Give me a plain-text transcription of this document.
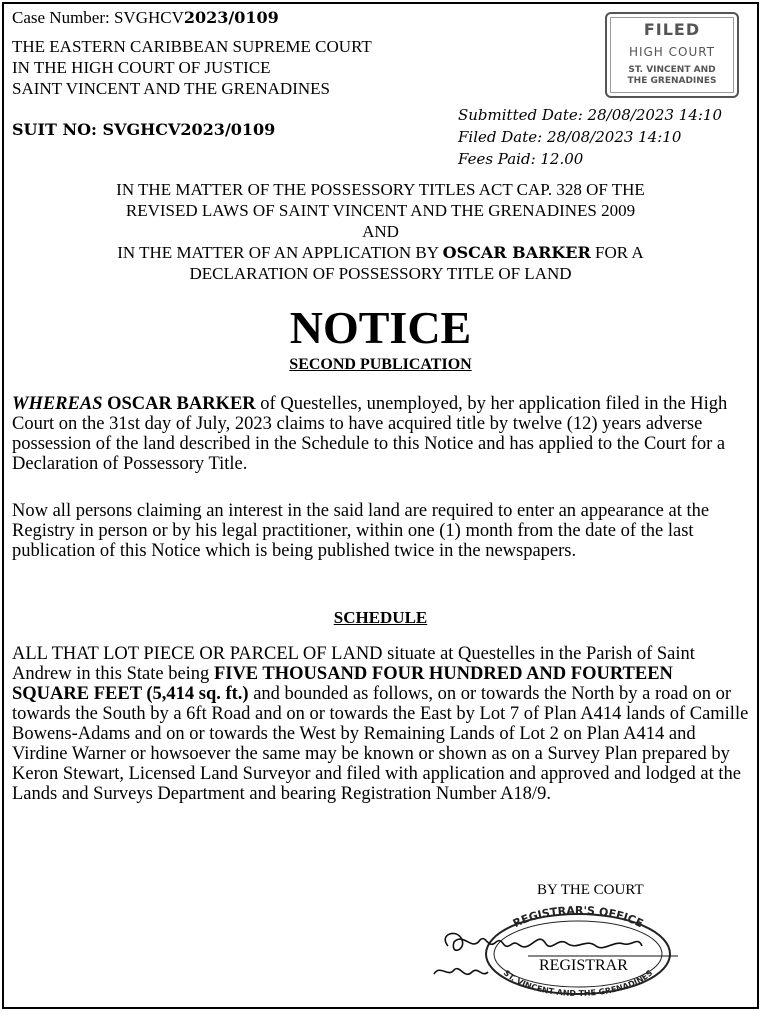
Case Number: SVGHCV2023/0109
THE EASTERN CARIBBEAN SUPREME COURT
IN THE HIGH COURT OF JUSTICE
SAINT VINCENT AND THE GRENADINES
SUIT NO: SVGHCV2023/0109
Submitted Date: 28/08/2023 14:10
Filed Date: 28/08/2023 14:10
Fees Paid: 12.00
FILED
HIGH COURT
ST. VINCENT AND
THE GRENADINES
IN THE MATTER OF THE POSSESSORY TITLES ACT CAP. 328 OF THE
REVISED LAWS OF SAINT VINCENT AND THE GRENADINES 2009
AND
IN THE MATTER OF AN APPLICATION BY OSCAR BARKER FOR A
DECLARATION OF POSSESSORY TITLE OF LAND
NOTICE
SECOND PUBLICATION
WHEREAS OSCAR BARKER of Questelles, unemployed, by her application filed in the High Court on the 31st day of July, 2023 claims to have acquired title by twelve (12) years adverse possession of the land described in the Schedule to this Notice and has applied to the Court for a Declaration of Possessory Title.
Now all persons claiming an interest in the said land are required to enter an appearance at the Registry in person or by his legal practitioner, within one (1) month from the date of the last publication of this Notice which is being published twice in the newspapers.
SCHEDULE
ALL THAT LOT PIECE OR PARCEL OF LAND situate at Questelles in the Parish of Saint Andrew in this State being FIVE THOUSAND FOUR HUNDRED AND FOURTEEN SQUARE FEET (5,414 sq. ft.) and bounded as follows, on or towards the North by a road on or towards the South by a 6ft Road and on or towards the East by Lot 7 of Plan A414 lands of Camille Bowens-Adams and on or towards the West by Remaining Lands of Lot 2 on Plan A414 and Virdine Warner or howsoever the same may be known or shown as on a Survey Plan prepared by Keron Stewart, Licensed Land Surveyor and filed with application and approved and lodged at the Lands and Surveys Department and bearing Registration Number A18/9.
BY THE COURT
REGISTRAR'S OFFICE
ST. VINCENT AND THE GRENADINES
REGISTRAR
